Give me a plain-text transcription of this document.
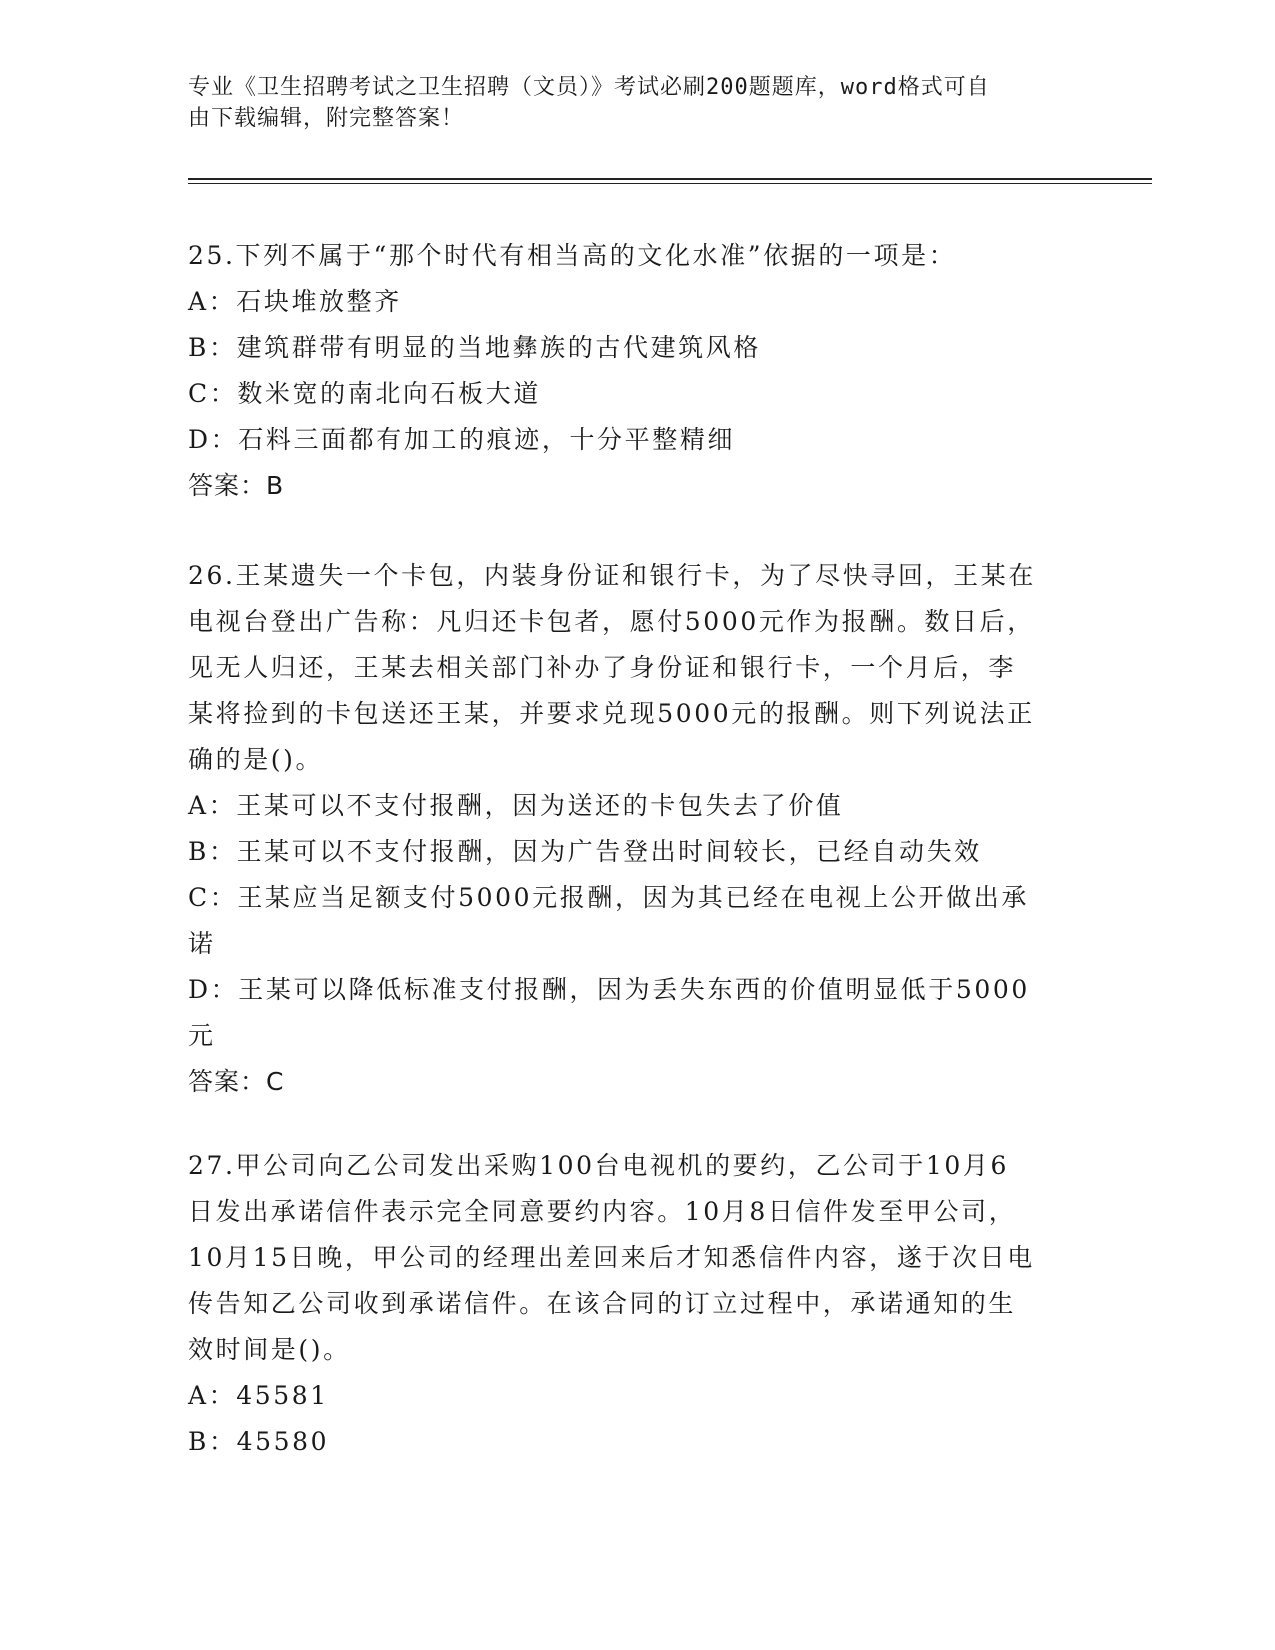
专业《卫生招聘考试之卫生招聘（文员）》考试必刷200题题库，word格式可自
由下载编辑，附完整答案！

25.下列不属于“那个时代有相当高的文化水准”依据的一项是：

A：石块堆放整齐

B：建筑群带有明显的当地彝族的古代建筑风格

C：数米宽的南北向石板大道

D：石料三面都有加工的痕迹，十分平整精细

答案：B

26.王某遗失一个卡包，内装身份证和银行卡，为了尽快寻回，王某在

电视台登出广告称：凡归还卡包者，愿付5000元作为报酬。数日后，

见无人归还，王某去相关部门补办了身份证和银行卡，一个月后，李

某将捡到的卡包送还王某，并要求兑现5000元的报酬。则下列说法正

确的是()。

A：王某可以不支付报酬，因为送还的卡包失去了价值

B：王某可以不支付报酬，因为广告登出时间较长，已经自动失效

C：王某应当足额支付5000元报酬，因为其已经在电视上公开做出承

诺

D：王某可以降低标准支付报酬，因为丢失东西的价值明显低于5000

元

答案：C

27.甲公司向乙公司发出采购100台电视机的要约，乙公司于10月6

日发出承诺信件表示完全同意要约内容。10月8日信件发至甲公司，

10月15日晚，甲公司的经理出差回来后才知悉信件内容，遂于次日电

传告知乙公司收到承诺信件。在该合同的订立过程中，承诺通知的生

效时间是()。

A：45581

B：45580
